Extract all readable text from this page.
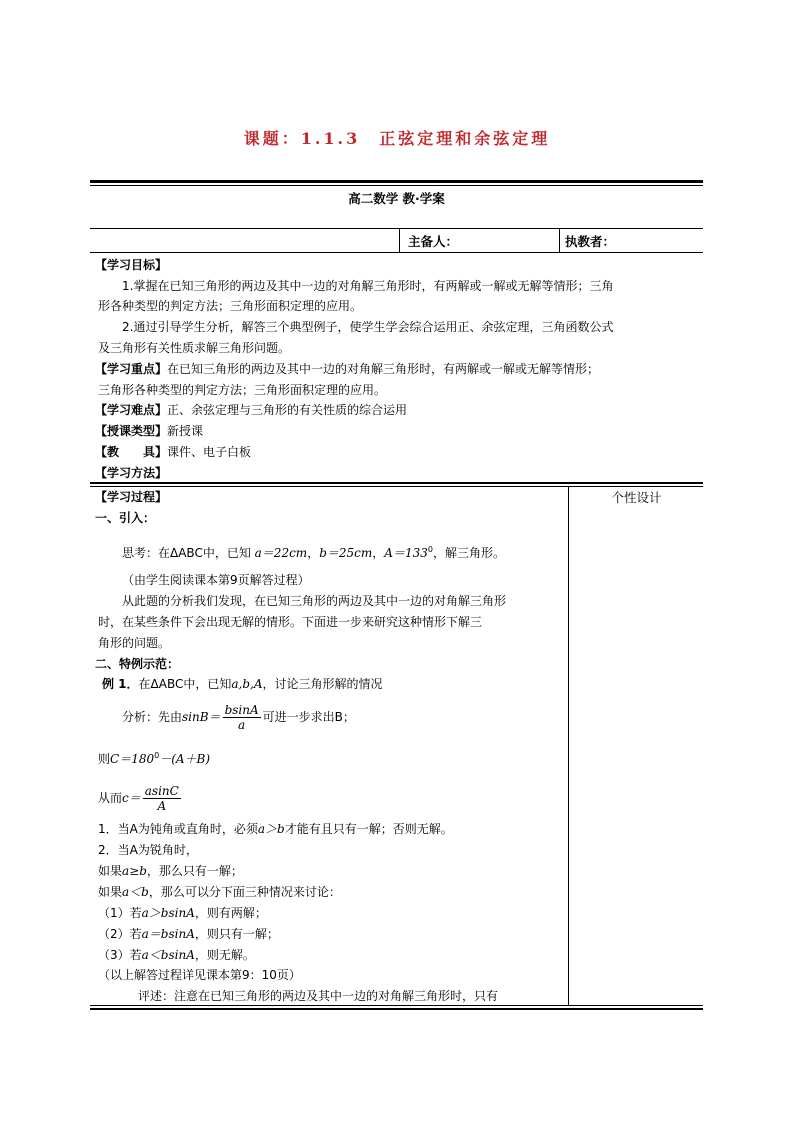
课题：1.1.3　正弦定理和余弦定理
高二数学 教·学案
主备人：	执教者：
【学习目标】
1.掌握在已知三角形的两边及其中一边的对角解三角形时，有两解或一解或无解等情形；三角
形各种类型的判定方法；三角形面积定理的应用。
2.通过引导学生分析，解答三个典型例子，使学生学会综合运用正、余弦定理，三角函数公式
及三角形有关性质求解三角形问题。
【学习重点】在已知三角形的两边及其中一边的对角解三角形时，有两解或一解或无解等情形；
三角形各种类型的判定方法；三角形面积定理的应用。
【学习难点】正、余弦定理与三角形的有关性质的综合运用
【授课类型】新授课
【教　　具】课件、电子白板
【学习方法】
个性设计
【学习过程】
一、引入：
思考：在ΔABC中，已知 a＝22cm，b＝25cm，$A=133^0$，解三角形。
（由学生阅读课本第9页解答过程）
从此题的分析我们发现，在已知三角形的两边及其中一边的对角解三角形
时，在某些条件下会出现无解的情形。下面进一步来研究这种情形下解三
角形的问题。
二、特例示范：
例 1．在ΔABC中，已知a,b,A，讨论三角形解的情况
分析：先由$\sin B= \frac{bsinA}{a}$ 可进一步求出B；
则$C=180^0-(A+B)$
从而$c= \frac{asinC}{A}$
1．当A为钝角或直角时，必须a＞b才能有且只有一解；否则无解。
2．当A为锐角时，
如果a≥b，那么只有一解；
如果a＜b，那么可以分下面三种情况来讨论：
（1）若a＞bsinA，则有两解；
（2）若a＝bsinA，则只有一解；
（3）若a＜bsinA，则无解。
（以上解答过程详见课本第9：10页）
评述：注意在已知三角形的两边及其中一边的对角解三角形时，只有
